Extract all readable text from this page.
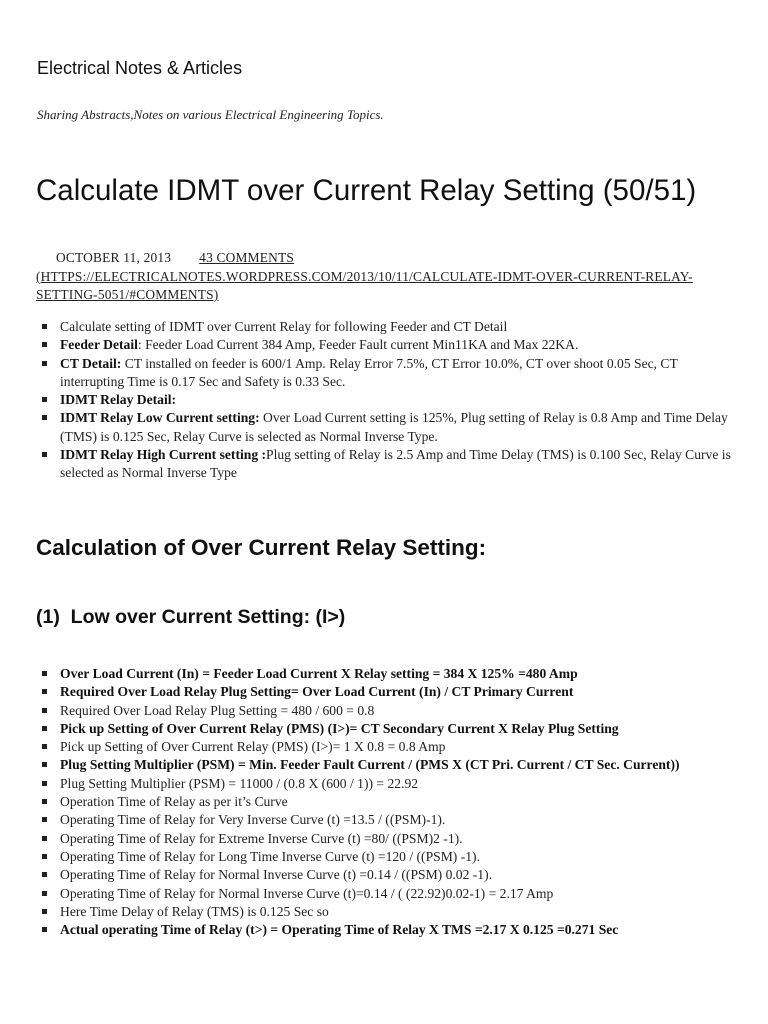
Electrical Notes & Articles

Sharing Abstracts,Notes on various Electrical Engineering Topics.

Calculate IDMT over Current Relay Setting (50/51)
OCTOBER 11, 2013 43 COMMENTS
(HTTPS://ELECTRICALNOTES.WORDPRESS.COM/2013/10/11/CALCULATE-IDMT-OVER-CURRENT-RELAY-SETTING-5051/#COMMENTS)
Calculate setting of IDMT over Current Relay for following Feeder and CT Detail
Feeder Detail: Feeder Load Current 384 Amp, Feeder Fault current Min11KA and Max 22KA.
CT Detail: CT installed on feeder is 600/1 Amp. Relay Error 7.5%, CT Error 10.0%, CT over shoot 0.05 Sec, CT interrupting Time is 0.17 Sec and Safety is 0.33 Sec.
IDMT Relay Detail:
IDMT Relay Low Current setting: Over Load Current setting is 125%, Plug setting of Relay is 0.8 Amp and Time Delay (TMS) is 0.125 Sec, Relay Curve is selected as Normal Inverse Type.
IDMT Relay High Current setting :Plug setting of Relay is 2.5 Amp and Time Delay (TMS) is 0.100 Sec, Relay Curve is selected as Normal Inverse Type
Calculation of Over Current Relay Setting:
(1)  Low over Current Setting: (I>)
Over Load Current (In) = Feeder Load Current X Relay setting = 384 X 125% =480 Amp
Required Over Load Relay Plug Setting= Over Load Current (In) / CT Primary Current
Required Over Load Relay Plug Setting = 480 / 600 = 0.8
Pick up Setting of Over Current Relay (PMS) (I>)= CT Secondary Current X Relay Plug Setting
Pick up Setting of Over Current Relay (PMS) (I>)= 1 X 0.8 = 0.8 Amp
Plug Setting Multiplier (PSM) = Min. Feeder Fault Current / (PMS X (CT Pri. Current / CT Sec. Current))
Plug Setting Multiplier (PSM) = 11000 / (0.8 X (600 / 1)) = 22.92
Operation Time of Relay as per it’s Curve
Operating Time of Relay for Very Inverse Curve (t) =13.5 / ((PSM)-1).
Operating Time of Relay for Extreme Inverse Curve (t) =80/ ((PSM)2 -1).
Operating Time of Relay for Long Time Inverse Curve (t) =120 / ((PSM) -1).
Operating Time of Relay for Normal Inverse Curve (t) =0.14 / ((PSM) 0.02 -1).
Operating Time of Relay for Normal Inverse Curve (t)=0.14 / ( (22.92)0.02-1) = 2.17 Amp
Here Time Delay of Relay (TMS) is 0.125 Sec so
Actual operating Time of Relay (t>) = Operating Time of Relay X TMS =2.17 X 0.125 =0.271 Sec
